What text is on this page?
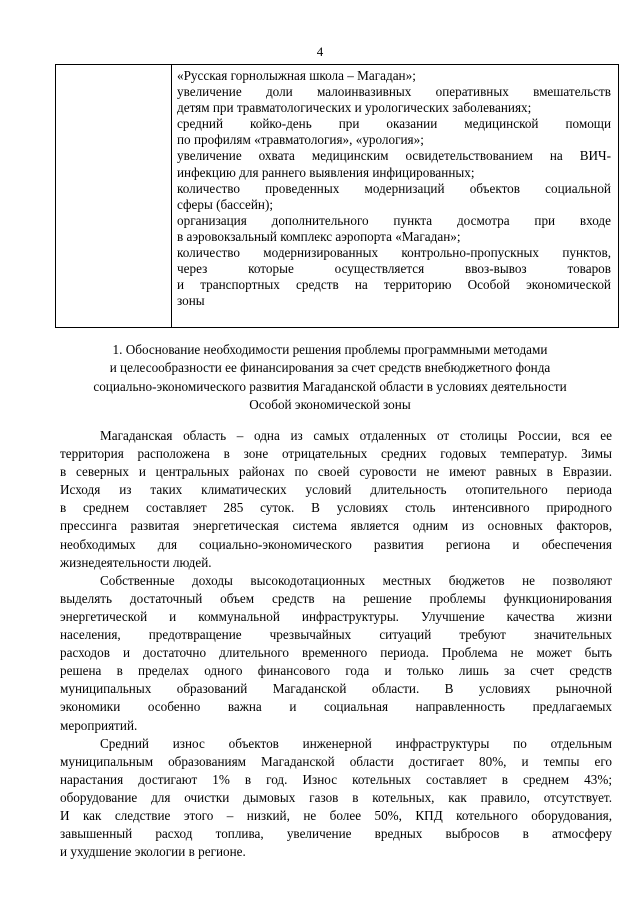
4
«Русская горнолыжная школа – Магадан»;
увеличение доли малоинвазивных оперативных вмешательств
детям при травматологических и урологических заболеваниях;
средний койко-день при оказании медицинской помощи
по профилям «травматология», «урология»;
увеличение охвата медицинским освидетельствованием на ВИЧ-
инфекцию для раннего выявления инфицированных;
количество проведенных модернизаций объектов социальной
сферы (бассейн);
организация дополнительного пункта досмотра при входе
в аэровокзальный комплекс аэропорта «Магадан»;
количество модернизированных контрольно-пропускных пунктов,
через которые осуществляется ввоз-вывоз товаров
и транспортных средств на территорию Особой экономической
зоны
1. Обоснование необходимости решения проблемы программными методами
и целесообразности ее финансирования за счет средств внебюджетного фонда
социально-экономического развития Магаданской области в условиях деятельности
Особой экономической зоны
Магаданская область – одна из самых отдаленных от столицы России, вся ее
территория расположена в зоне отрицательных средних годовых температур. Зимы
в северных и центральных районах по своей суровости не имеют равных в Евразии.
Исходя из таких климатических условий длительность отопительного периода
в среднем составляет 285 суток. В условиях столь интенсивного природного
прессинга развитая энергетическая система является одним из основных факторов,
необходимых для социально-экономического развития региона и обеспечения
жизнедеятельности людей.
Собственные доходы высокодотационных местных бюджетов не позволяют
выделять достаточный объем средств на решение проблемы функционирования
энергетической и коммунальной инфраструктуры. Улучшение качества жизни
населения, предотвращение чрезвычайных ситуаций требуют значительных
расходов и достаточно длительного временного периода. Проблема не может быть
решена в пределах одного финансового года и только лишь за счет средств
муниципальных образований Магаданской области. В условиях рыночной
экономики особенно важна и социальная направленность предлагаемых
мероприятий.
Средний износ объектов инженерной инфраструктуры по отдельным
муниципальным образованиям Магаданской области достигает 80%, и темпы его
нарастания достигают 1% в год. Износ котельных составляет в среднем 43%;
оборудование для очистки дымовых газов в котельных, как правило, отсутствует.
И как следствие этого – низкий, не более 50%, КПД котельного оборудования,
завышенный расход топлива, увеличение вредных выбросов в атмосферу
и ухудшение экологии в регионе.
